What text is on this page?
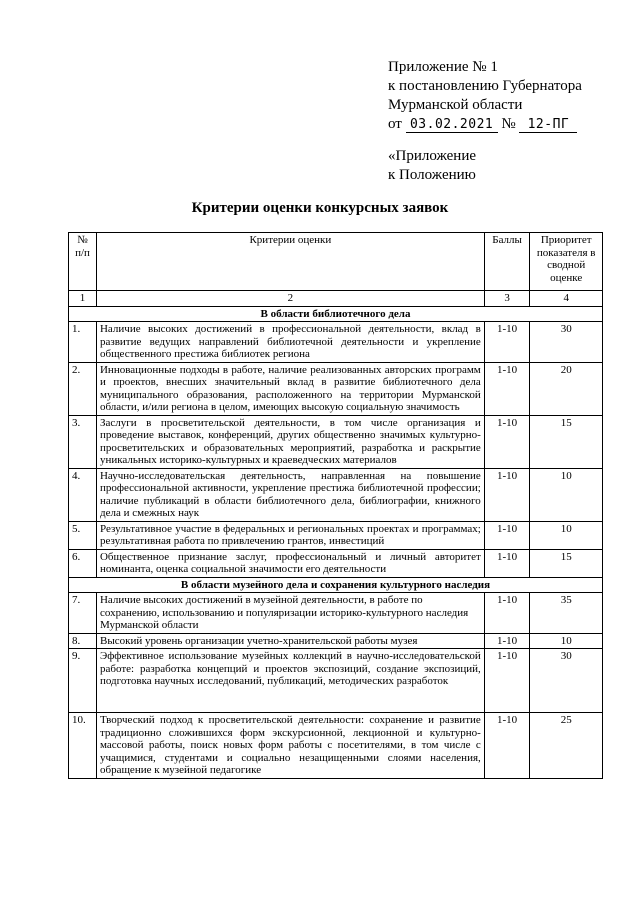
Приложение № 1
к постановлению Губернатора
Мурманской области
от 03.02.2021 № 12-ПГ
«Приложение
к Положению
Критерии оценки конкурсных заявок
№ п/п	Критерии оценки	Баллы	Приоритет показателя в сводной оценке
1	2	3	4
В области библиотечного дела			
1.	Наличие высоких достижений в профессиональной деятельности, вклад в развитие ведущих направлений библиотечной деятельности и укрепление общественного престижа библиотек региона	1-10	30
2.	Инновационные подходы в работе, наличие реализованных авторских программ и проектов, внесших значительный вклад в развитие библиотечного дела муниципального образования, расположенного на территории Мурманской области, и/или региона в целом, имеющих высокую социальную значимость	1-10	20
3.	Заслуги в просветительской деятельности, в том числе организация и проведение выставок, конференций, других общественно значимых культурно-просветительских и образовательных мероприятий, разработка и раскрытие уникальных историко-культурных и краеведческих материалов	1-10	15
4.	Научно-исследовательская деятельность, направленная на повышение профессиональной активности, укрепление престижа библиотечной профессии; наличие публикаций в области библиотечного дела, библиографии, книжного дела и смежных наук	1-10	10
5.	Результативное участие в федеральных и региональных проектах и программах; результативная работа по привлечению грантов, инвестиций	1-10	10
6.	Общественное признание заслуг, профессиональный и личный авторитет номинанта, оценка социальной значимости его деятельности	1-10	15
В области музейного дела и сохранения культурного наследия			
7.	Наличие высоких достижений в музейной деятельности, в работе по сохранению, использованию и популяризации историко-культурного наследия Мурманской области	1-10	35
8.	Высокий уровень организации учетно-хранительской работы музея	1-10	10
9.	Эффективное использование музейных коллекций в научно-исследовательской работе: разработка концепций и проектов экспозиций, создание экспозиций, подготовка научных исследований, публикаций, методических разработок	1-10	30
10.	Творческий подход к просветительской деятельности: сохранение и развитие традиционно сложившихся форм экскурсионной, лекционной и культурно-массовой работы, поиск новых форм работы с посетителями, в том числе с учащимися, студентами и социально незащищенными слоями населения, обращение к музейной педагогике	1-10	25
